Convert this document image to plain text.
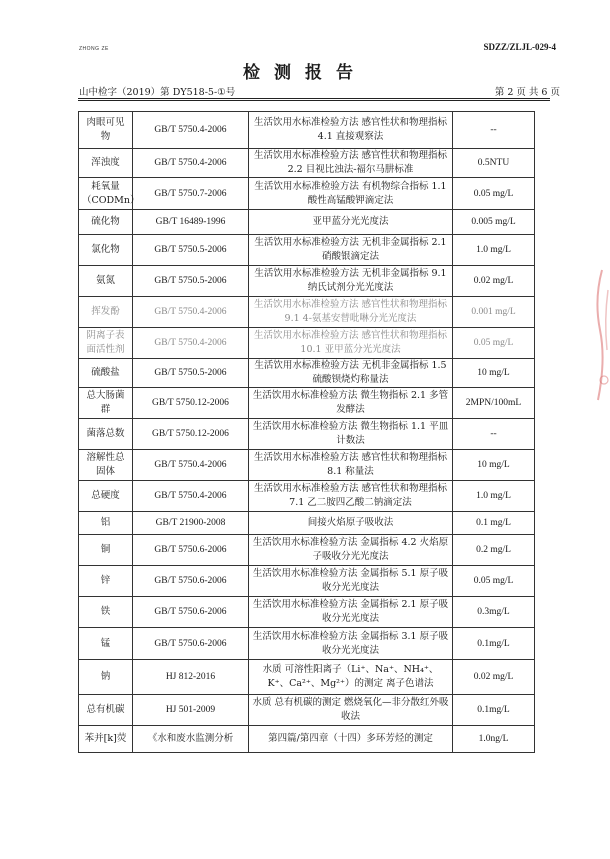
ZHONG ZE	SDZZ/ZLJL-029-4
检测报告
山中检字（2019）第 DY518-5-①号	第 2 页 共 6 页
肉眼可见物	GB/T 5750.4-2006	生活饮用水标准检验方法 感官性状和物理指标 4.1 直接观察法	--
浑浊度	GB/T 5750.4-2006	生活饮用水标准检验方法 感官性状和物理指标 2.2 目视比浊法-福尔马肼标准	0.5NTU
耗氧量（CODMn）	GB/T 5750.7-2006	生活饮用水标准检验方法 有机物综合指标 1.1 酸性高锰酸钾滴定法	0.05 mg/L
硫化物	GB/T 16489-1996	亚甲蓝分光光度法	0.005 mg/L
氯化物	GB/T 5750.5-2006	生活饮用水标准检验方法 无机非金属指标 2.1 硝酸银滴定法	1.0 mg/L
氨氮	GB/T 5750.5-2006	生活饮用水标准检验方法 无机非金属指标 9.1 纳氏试剂分光光度法	0.02 mg/L
挥发酚	GB/T 5750.4-2006	生活饮用水标准检验方法 感官性状和物理指标 9.1 4-氨基安替吡啉分光光度法	0.001 mg/L
阴离子表面活性剂	GB/T 5750.4-2006	生活饮用水标准检验方法 感官性状和物理指标 10.1 亚甲蓝分光光度法	0.05 mg/L
硫酸盐	GB/T 5750.5-2006	生活饮用水标准检验方法 无机非金属指标 1.5 硫酸钡烧灼称量法	10 mg/L
总大肠菌群	GB/T 5750.12-2006	生活饮用水标准检验方法 微生物指标 2.1 多管发酵法	2MPN/100mL
菌落总数	GB/T 5750.12-2006	生活饮用水标准检验方法 微生物指标 1.1 平皿计数法	--
溶解性总固体	GB/T 5750.4-2006	生活饮用水标准检验方法 感官性状和物理指标 8.1 称量法	10 mg/L
总硬度	GB/T 5750.4-2006	生活饮用水标准检验方法 感官性状和物理指标 7.1 乙二胺四乙酸二钠滴定法	1.0 mg/L
铝	GB/T 21900-2008	间接火焰原子吸收法	0.1 mg/L
铜	GB/T 5750.6-2006	生活饮用水标准检验方法 金属指标 4.2 火焰原子吸收分光光度法	0.2 mg/L
锌	GB/T 5750.6-2006	生活饮用水标准检验方法 金属指标 5.1 原子吸收分光光度法	0.05 mg/L
铁	GB/T 5750.6-2006	生活饮用水标准检验方法 金属指标 2.1 原子吸收分光光度法	0.3mg/L
锰	GB/T 5750.6-2006	生活饮用水标准检验方法 金属指标 3.1 原子吸收分光光度法	0.1mg/L
钠	HJ 812-2016	水质 可溶性阳离子（Li⁺、Na⁺、NH₄⁺、K⁺、Ca²⁺、Mg²⁺）的测定 离子色谱法	0.02 mg/L
总有机碳	HJ 501-2009	水质 总有机碳的测定 燃烧氧化—非分散红外吸收法	0.1mg/L
苯并[k]荧	《水和废水监测分析	第四篇/第四章（十四）多环芳烃的测定	1.0ng/L
